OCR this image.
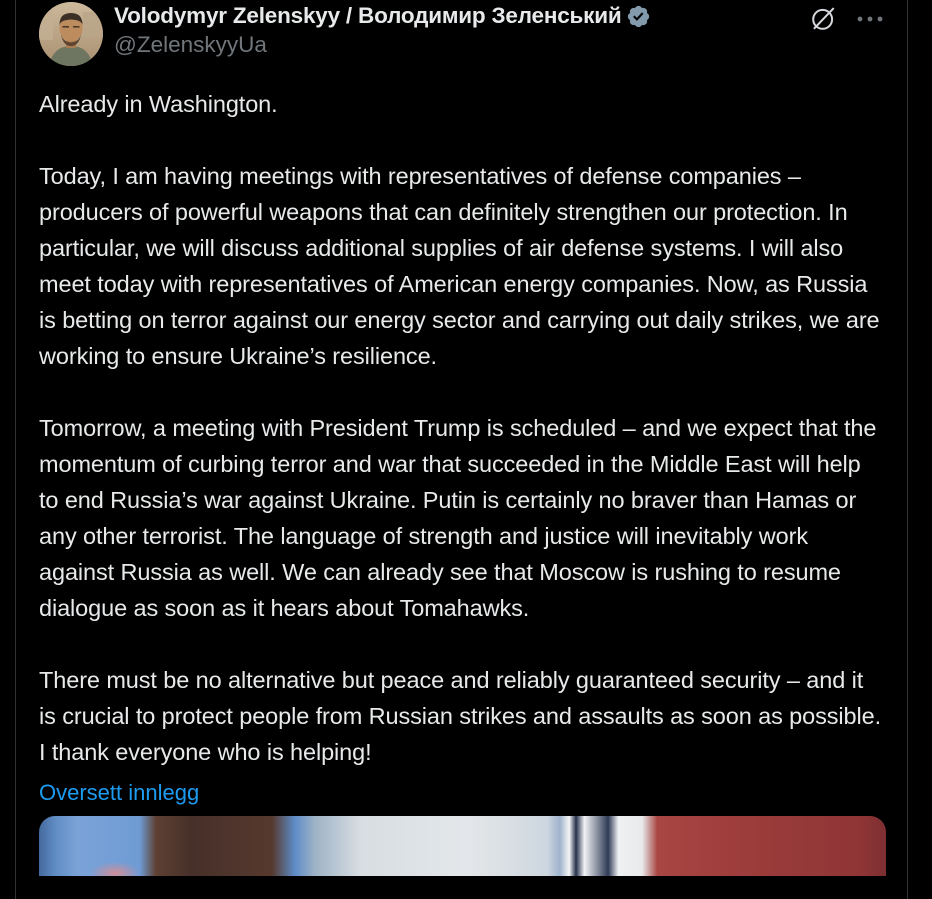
Volodymyr Zelenskyy / Володимир Зеленський
@ZelenskyyUa

Already in Washington.

Today, I am having meetings with representatives of defense companies – producers of powerful weapons that can definitely strengthen our protection. In particular, we will discuss additional supplies of air defense systems. I will also meet today with representatives of American energy companies. Now, as Russia is betting on terror against our energy sector and carrying out daily strikes, we are working to ensure Ukraine’s resilience.

Tomorrow, a meeting with President Trump is scheduled – and we expect that the momentum of curbing terror and war that succeeded in the Middle East will help to end Russia’s war against Ukraine. Putin is certainly no braver than Hamas or any other terrorist. The language of strength and justice will inevitably work against Russia as well. We can already see that Moscow is rushing to resume dialogue as soon as it hears about Tomahawks.

There must be no alternative but peace and reliably guaranteed security – and it is crucial to protect people from Russian strikes and assaults as soon as possible. I thank everyone who is helping!

Oversett innlegg
